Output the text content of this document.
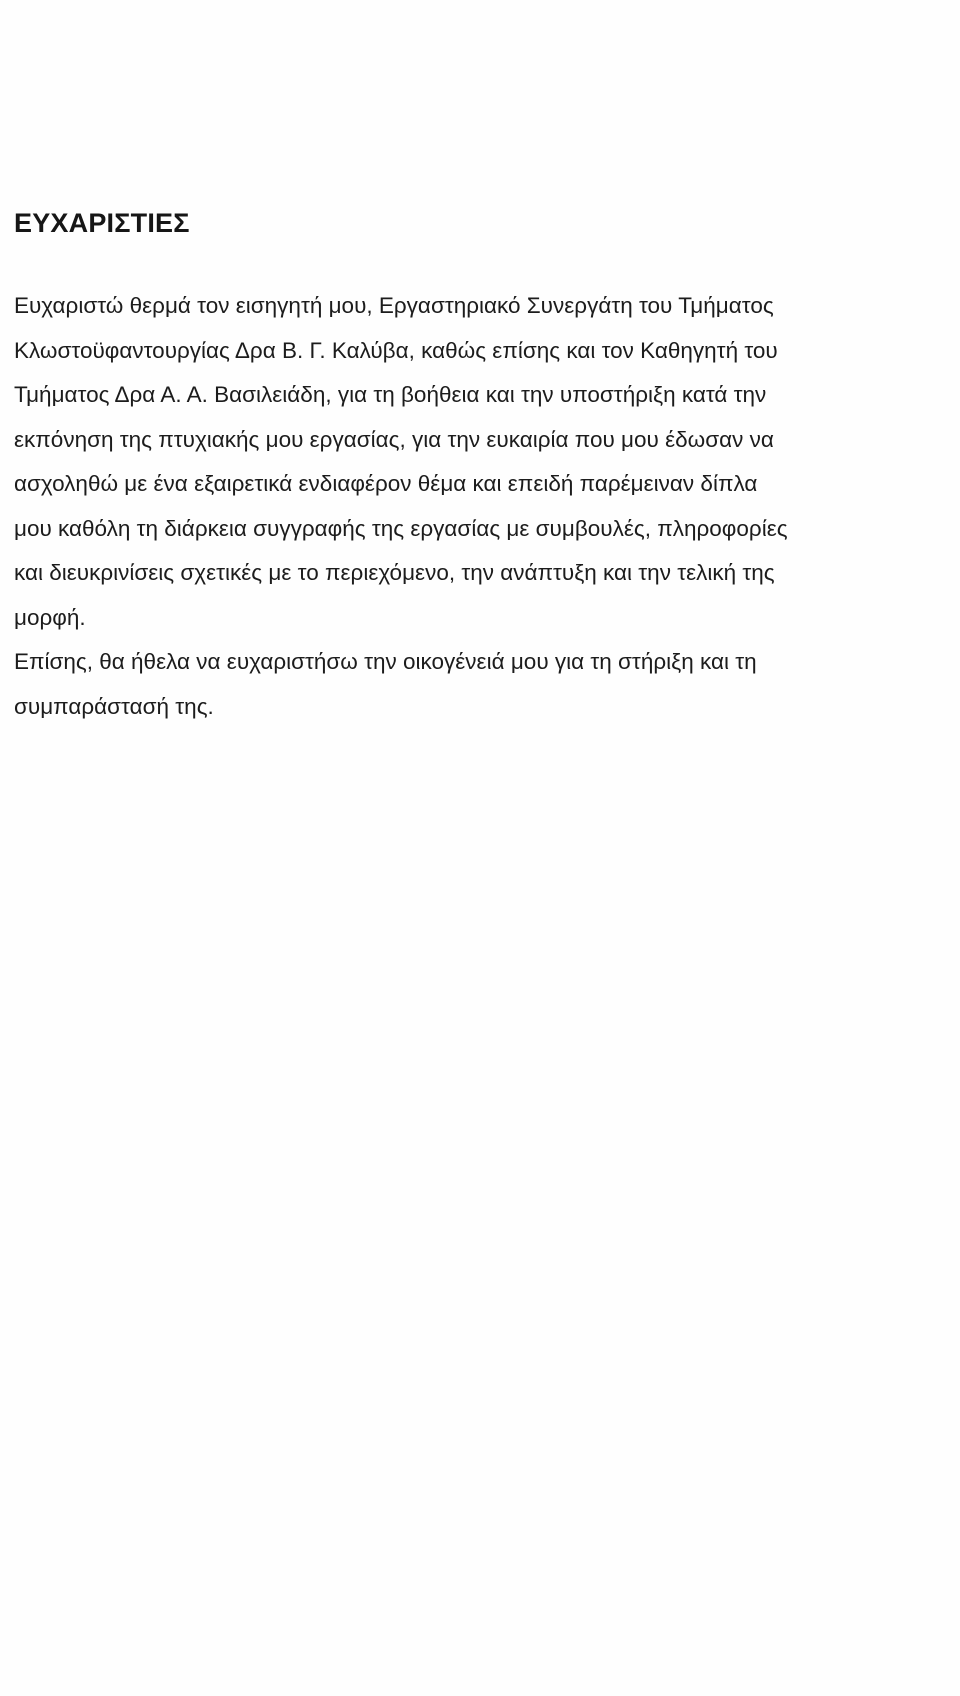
ΕΥΧΑΡΙΣΤΙΕΣ
Ευχαριστώ θερμά τον εισηγητή μου, Εργαστηριακό Συνεργάτη του Τμήματος
Κλωστοϋφαντουργίας Δρα Β. Γ. Καλύβα, καθώς επίσης και τον Καθηγητή του
Τμήματος Δρα Α. Α. Βασιλειάδη, για τη βοήθεια και την υποστήριξη κατά την
εκπόνηση της πτυχιακής μου εργασίας, για την ευκαιρία που μου έδωσαν να
ασχοληθώ με ένα εξαιρετικά ενδιαφέρον θέμα και επειδή παρέμειναν δίπλα
μου καθόλη τη διάρκεια συγγραφής της εργασίας με συμβουλές, πληροφορίες
και διευκρινίσεις σχετικές με το περιεχόμενο, την ανάπτυξη και την τελική της
μορφή.
Επίσης, θα ήθελα να ευχαριστήσω την οικογένειά μου για τη στήριξη και τη
συμπαράστασή της.
